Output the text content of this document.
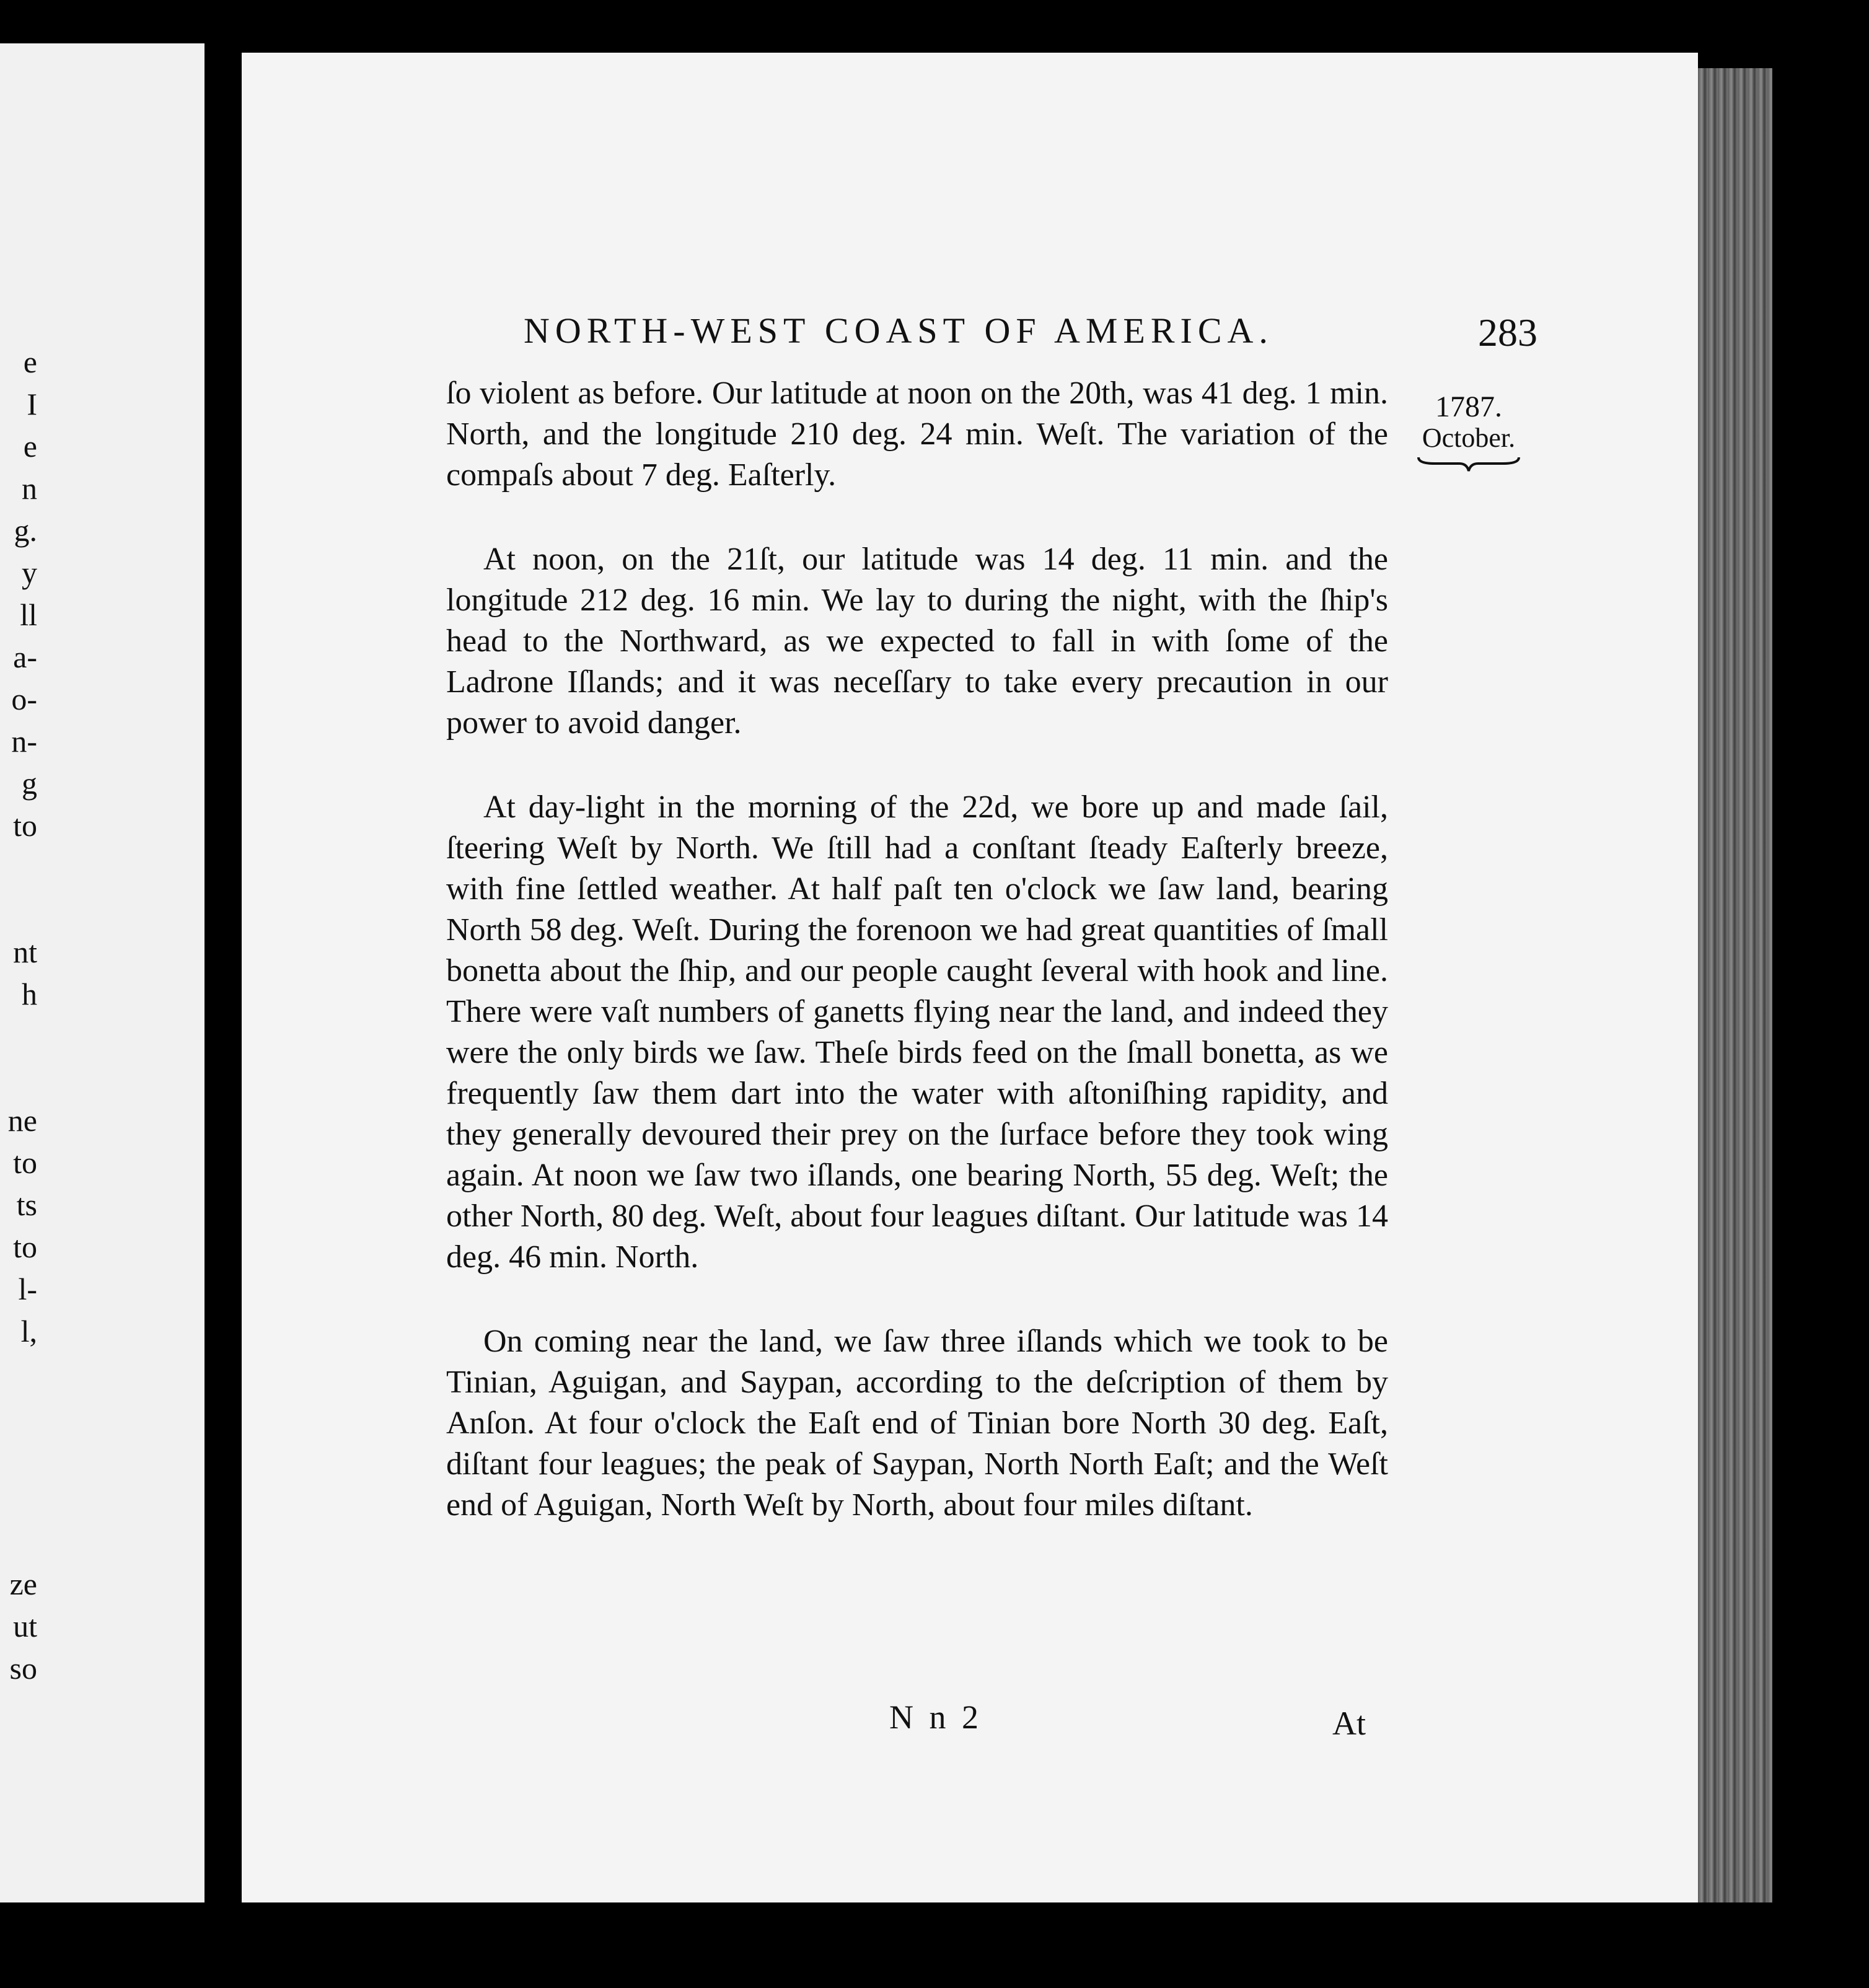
e
I
e
n
g.
y
ll
a-
o-
n-
g
to
nt
h
ne
to
ts
to
l-
l,
ze
ut
so
NORTH-WEST COAST OF AMERICA.	283
1787.
October.

ſo violent as before. Our latitude at noon on the 20th, was 41 deg. 1 min. North, and the longitude 210 deg. 24 min. Weſt. The variation of the compaſs about 7 deg. Eaſterly.

At noon, on the 21ſt, our latitude was 14 deg. 11 min. and the longitude 212 deg. 16 min. We lay to during the night, with the ſhip's head to the Northward, as we expected to fall in with ſome of the Ladrone Iſlands; and it was neceſſary to take every precaution in our power to avoid danger.

At day-light in the morning of the 22d, we bore up and made ſail, ſteering Weſt by North. We ſtill had a conſtant ſteady Eaſterly breeze, with fine ſettled weather. At half paſt ten o'clock we ſaw land, bearing North 58 deg. Weſt. During the forenoon we had great quantities of ſmall bonetta about the ſhip, and our people caught ſeveral with hook and line. There were vaſt numbers of ganetts flying near the land, and indeed they were the only birds we ſaw. Theſe birds feed on the ſmall bonetta, as we frequently ſaw them dart into the water with aſtoniſhing rapidity, and they generally devoured their prey on the ſurface before they took wing again. At noon we ſaw two iſlands, one bearing North, 55 deg. Weſt; the other North, 80 deg. Weſt, about four leagues diſtant. Our latitude was 14 deg. 46 min. North.

On coming near the land, we ſaw three iſlands which we took to be Tinian, Aguigan, and Saypan, according to the deſcription of them by Anſon. At four o'clock the Eaſt end of Tinian bore North 30 deg. Eaſt, diſtant four leagues; the peak of Saypan, North North Eaſt; and the Weſt end of Aguigan, North Weſt by North, about four miles diſtant.

N n 2	At
